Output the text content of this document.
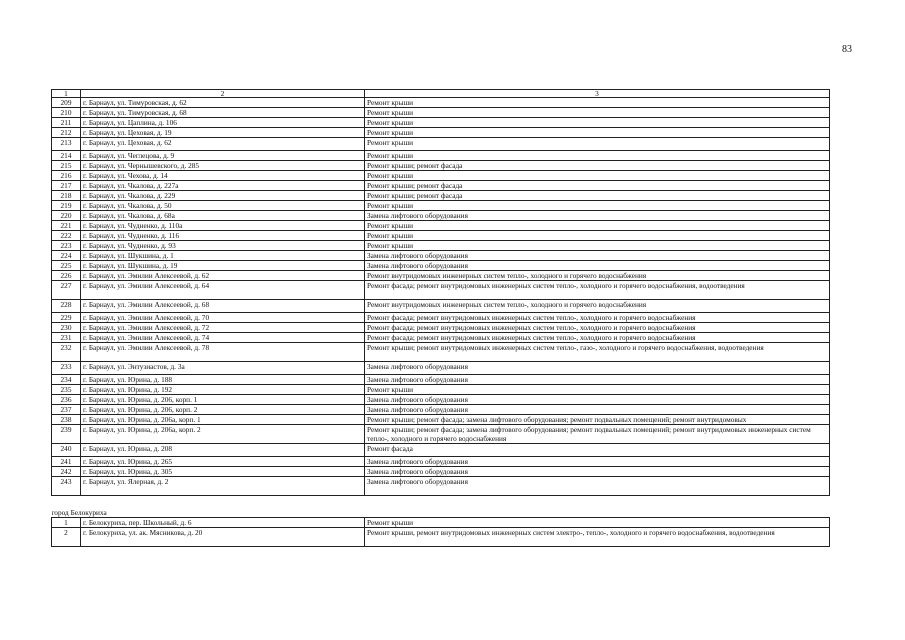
83
1	2	3
209	г. Барнаул, ул. Тимуровская, д. 62	Ремонт крыши
210	г. Барнаул, ул. Тимуровская, д. 68	Ремонт крыши
211	г. Барнаул, ул. Цаплина, д. 106	Ремонт крыши
212	г. Барнаул, ул. Цеховая, д. 19	Ремонт крыши
213	г. Барнаул, ул. Цеховая, д. 62	Ремонт крыши
214	г. Барнаул, ул. Чеглецова, д. 9	Ремонт крыши
215	г. Барнаул, ул. Чернышевского, д. 285	Ремонт крыши; ремонт фасада
216	г. Барнаул, ул. Чехова, д. 14	Ремонт крыши
217	г. Барнаул, ул. Чкалова, д. 227а	Ремонт крыши; ремонт фасада
218	г. Барнаул, ул. Чкалова, д. 229	Ремонт крыши; ремонт фасада
219	г. Барнаул, ул. Чкалова, д. 50	Ремонт крыши
220	г. Барнаул, ул. Чкалова, д. 68а	Замена лифтового оборудования
221	г. Барнаул, ул. Чудненко, д. 110а	Ремонт крыши
222	г. Барнаул, ул. Чудненко, д. 116	Ремонт крыши
223	г. Барнаул, ул. Чудненко, д. 93	Ремонт крыши
224	г. Барнаул, ул. Шукшина, д. 1	Замена лифтового оборудования
225	г. Барнаул, ул. Шукшина, д. 19	Замена лифтового оборудования
226	г. Барнаул, ул. Эмилии Алексеевой, д. 62	Ремонт внутридомовых инженерных систем тепло-, холодного и горячего водоснабжения
227	г. Барнаул, ул. Эмилии Алексеевой, д. 64	Ремонт фасада; ремонт внутридомовых инженерных систем тепло-, холодного и горячего водоснабжения, водоотведения
228	г. Барнаул, ул. Эмилии Алексеевой, д. 68	Ремонт внутридомовых инженерных систем тепло-, холодного и горячего водоснабжения
229	г. Барнаул, ул. Эмилии Алексеевой, д. 70	Ремонт фасада; ремонт внутридомовых инженерных систем тепло-, холодного и горячего водоснабжения
230	г. Барнаул, ул. Эмилии Алексеевой, д. 72	Ремонт фасада; ремонт внутридомовых инженерных систем тепло-, холодного и горячего водоснабжения
231	г. Барнаул, ул. Эмилии Алексеевой, д. 74	Ремонт фасада; ремонт внутридомовых инженерных систем тепло-, холодного и горячего водоснабжения
232	г. Барнаул, ул. Эмилии Алексеевой, д. 78	Ремонт крыши; ремонт внутридомовых инженерных систем тепло-, газо-, холодного и горячего водоснабжения, водоотведения
233	г. Барнаул, ул. Энтузиастов, д. 3а	Замена лифтового оборудования
234	г. Барнаул, ул. Юрина, д. 188	Замена лифтового оборудования
235	г. Барнаул, ул. Юрина, д. 192	Ремонт крыши
236	г. Барнаул, ул. Юрина, д. 206, корп. 1	Замена лифтового оборудования
237	г. Барнаул, ул. Юрина, д. 206, корп. 2	Замена лифтового оборудования
238	г. Барнаул, ул. Юрина, д. 206а, корп. 1	Ремонт крыши; ремонт фасада; замена лифтового оборудования; ремонт подвальных помещений; ремонт внутридомовых
239	г. Барнаул, ул. Юрина, д. 206а, корп. 2	Ремонт крыши; ремонт фасада; замена лифтового оборудования; ремонт подвальных помещений; ремонт внутридомовых инженерных систем тепло-, холодного и горячего водоснабжения
240	г. Барнаул, ул. Юрина, д. 208	Ремонт фасада
241	г. Барнаул, ул. Юрина, д. 265	Замена лифтового оборудования
242	г. Барнаул, ул. Юрина, д. 305	Замена лифтового оборудования
243	г. Барнаул, ул. Ялерная, д. 2	Замена лифтового оборудования
город Белокуриха		
1	г. Белокуриха, пер. Школьный, д. 6	Ремонт крыши
2	г. Белокуриха, ул. ак. Мясникова, д. 20	Ремонт крыши, ремонт внутридомовых инженерных систем электро-, тепло-, холодного и горячего водоснабжения, водоотведения
